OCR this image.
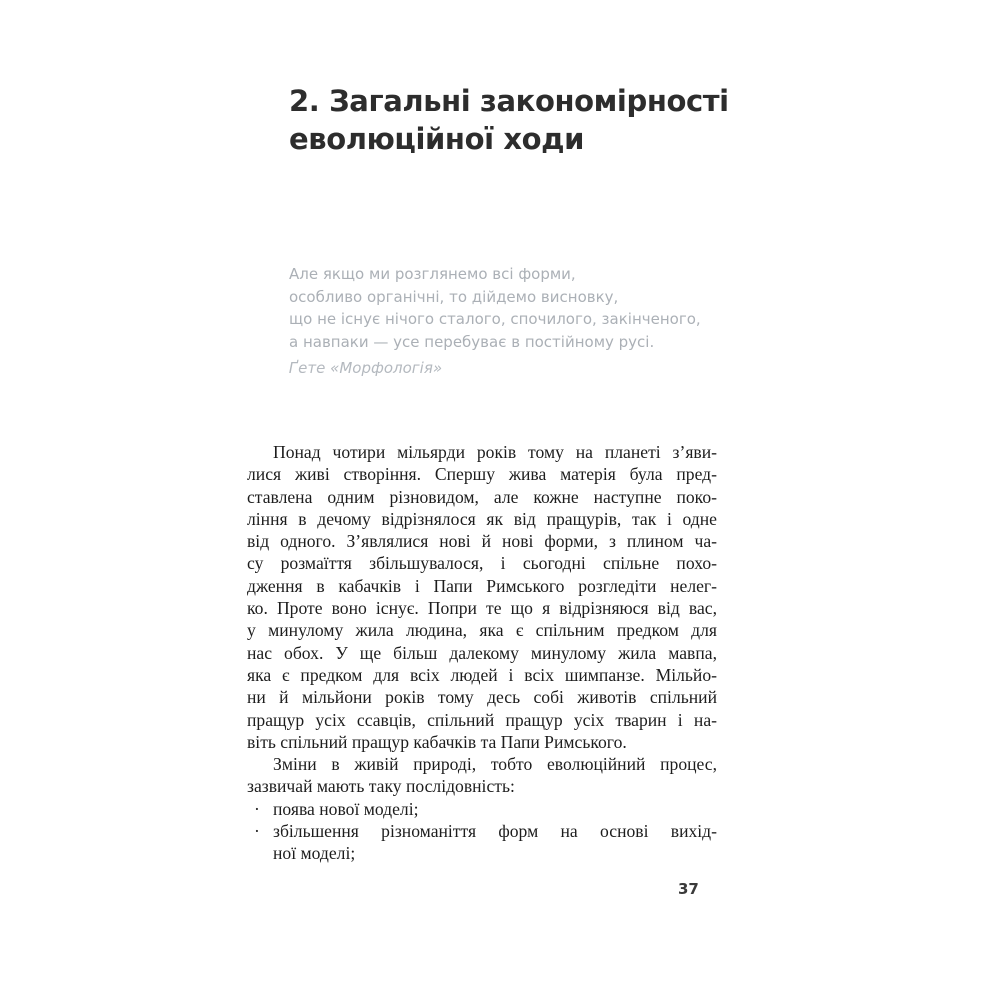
2. Загальні закономірності
еволюційної ходи
Але якщо ми розглянемо всі форми,
особливо органічні, то дійдемо висновку,
що не існує нічого сталого, спочилого, закінченого,
а навпаки — усе перебуває в постійному русі.
Ґете «Морфологія»
Понад чотири мільярди років тому на планеті з’яви-
лися живі створіння. Спершу жива матерія була пред-
ставлена одним різновидом, але кожне наступне поко-
ління в дечому відрізнялося як від пращурів, так і одне
від одного. З’являлися нові й нові форми, з плином ча-
су розмаїття збільшувалося, і сьогодні спільне похо-
дження в кабачків і Папи Римського розгледіти нелег-
ко. Проте воно існує. Попри те що я відрізняюся від вас,
у минулому жила людина, яка є спільним предком для
нас обох. У ще більш далекому минулому жила мавпа,
яка є предком для всіх людей і всіх шимпанзе. Мільйо-
ни й мільйони років тому десь собі животів спільний
пращур усіх ссавців, спільний пращур усіх тварин і на-
віть спільний пращур кабачків та Папи Римського.
Зміни в живій природі, тобто еволюційний процес,
зазвичай мають таку послідовність:
· поява нової моделі;
· збільшення різноманіття форм на основі вихід-
ної моделі;
37
